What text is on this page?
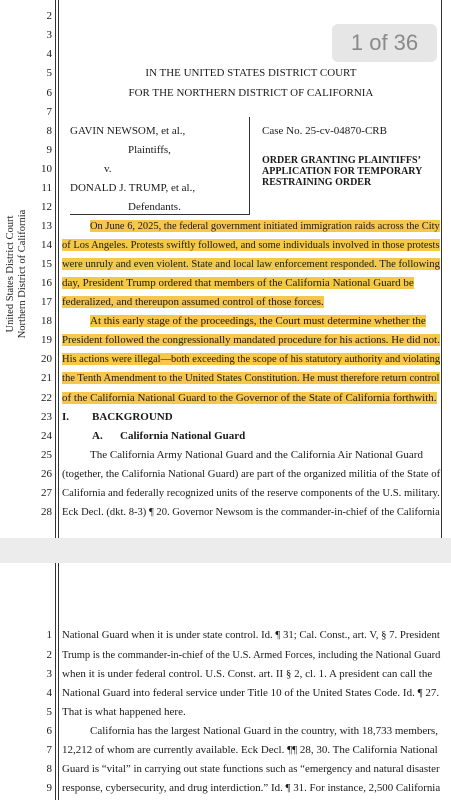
United States District Court Northern District of California
1 of 36
2
3
4
5
6
7
8
9
10
11
12
13
14
15
16
17
18
19
20
21
22
23
24
25
26
27
28
IN THE UNITED STATES DISTRICT COURT
FOR THE NORTHERN DISTRICT OF CALIFORNIA
GAVIN NEWSOM, et al.,
Plaintiffs,
v.
DONALD J. TRUMP, et al.,
Defendants.
Case No. 25-cv-04870-CRB
ORDER GRANTING PLAINTIFFS’
APPLICATION FOR TEMPORARY
RESTRAINING ORDER
On June 6, 2025, the federal government initiated immigration raids across the City
of Los Angeles. Protests swiftly followed, and some individuals involved in those protests
were unruly and even violent. State and local law enforcement responded. The following
day, President Trump ordered that members of the California National Guard be
federalized, and thereupon assumed control of those forces.
At this early stage of the proceedings, the Court must determine whether the
President followed the congressionally mandated procedure for his actions. He did not.
His actions were illegal—both exceeding the scope of his statutory authority and violating
the Tenth Amendment to the United States Constitution. He must therefore return control
of the California National Guard to the Governor of the State of California forthwith.
I. BACKGROUND
A. California National Guard
The California Army National Guard and the California Air National Guard
(together, the California National Guard) are part of the organized militia of the State of
California and federally recognized units of the reserve components of the U.S. military.
Eck Decl. (dkt. 8-3) ¶ 20. Governor Newsom is the commander-in-chief of the California
1
2
3
4
5
6
7
8
9
National Guard when it is under state control. Id. ¶ 31; Cal. Const., art. V, § 7. President
Trump is the commander-in-chief of the U.S. Armed Forces, including the National Guard
when it is under federal control. U.S. Const. art. II § 2, cl. 1. A president can call the
National Guard into federal service under Title 10 of the United States Code. Id. ¶ 27.
That is what happened here.
California has the largest National Guard in the country, with 18,733 members,
12,212 of whom are currently available. Eck Decl. ¶¶ 28, 30. The California National
Guard is “vital” in carrying out state functions such as “emergency and natural disaster
response, cybersecurity, and drug interdiction.” Id. ¶ 31. For instance, 2,500 California
